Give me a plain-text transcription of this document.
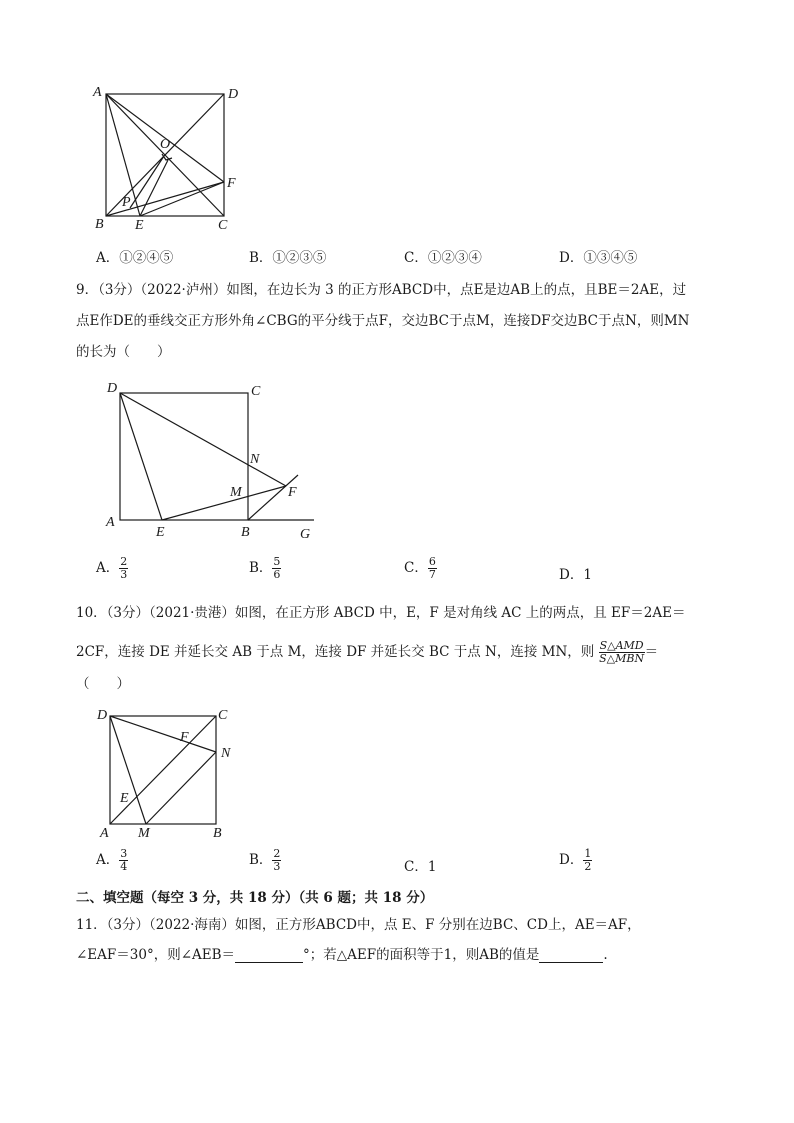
A	D
O
F
P
B E	C
A．①②④⑤	B．①②③⑤	C．①②③④	D．①③④⑤
9．（3分）（2022·泸州）如图，在边长为 3 的正方形ABCD中，点E是边AB上的点，且BE＝2AE，过
点E作DE的垂线交正方形外角∠CBG的平分线于点F，交边BC于点M，连接DF交边BC于点N，则MN
的长为（　　）
D	C
N
M	F
A
E	B	G
A． $\frac{2}{3}$	B． $\frac{5}{6}$	C． $\frac{6}{7}$	D．1
10．（3分）（2021·贵港）如图，在正方形 ABCD 中，E，F 是对角线 AC 上的两点，且 EF＝2AE＝
2CF，连接 DE 并延长交 AB 于点 M，连接 DF 并延长交 BC 于点 N，连接 MN，则 $\frac{\text{S△AMD}}{\text{S△MBN}}$ ＝
（　　）
D	C
F
N
E
A M	B
A． $\frac{3}{4}$	B． $\frac{2}{3}$	C．1	D． $\frac{1}{2}$
二、填空题（每空 3 分，共 18 分）（共 6 题；共 18 分）
11．（3分）（2022·海南）如图，正方形ABCD中，点 E、F 分别在边BC、CD上，AE＝AF，
∠EAF＝30°，则∠AEB＝	°；若△AEF的面积等于1，则AB的值是	.
